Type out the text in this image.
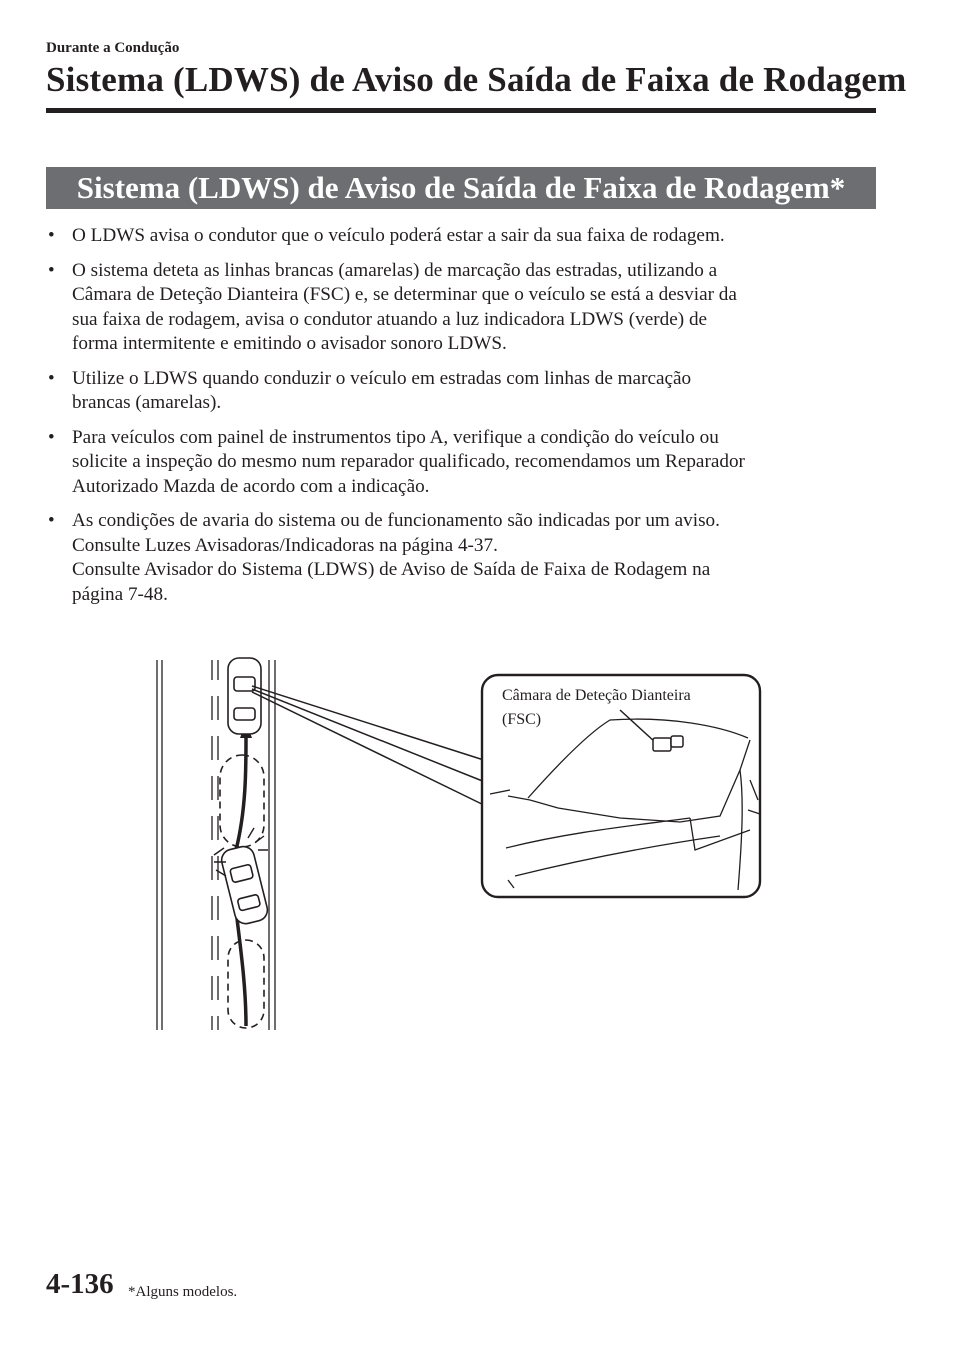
Durante a Condução
Sistema (LDWS) de Aviso de Saída de Faixa de Rodagem
Sistema (LDWS) de Aviso de Saída de Faixa de Rodagem*
• O LDWS avisa o condutor que o veículo poderá estar a sair da sua faixa de rodagem.
• O sistema deteta as linhas brancas (amarelas) de marcação das estradas, utilizando a
Câmara de Deteção Dianteira (FSC) e, se determinar que o veículo se está a desviar da
sua faixa de rodagem, avisa o condutor atuando a luz indicadora LDWS (verde) de
forma intermitente e emitindo o avisador sonoro LDWS.
• Utilize o LDWS quando conduzir o veículo em estradas com linhas de marcação
brancas (amarelas).
• Para veículos com painel de instrumentos tipo A, verifique a condição do veículo ou
solicite a inspeção do mesmo num reparador qualificado, recomendamos um Reparador
Autorizado Mazda de acordo com a indicação.
• As condições de avaria do sistema ou de funcionamento são indicadas por um aviso.
Consulte Luzes Avisadoras/Indicadoras na página 4-37.
Consulte Avisador do Sistema (LDWS) de Aviso de Saída de Faixa de Rodagem na
página 7-48.
Câmara de Deteção Dianteira
(FSC)
4-136 *Alguns modelos.
